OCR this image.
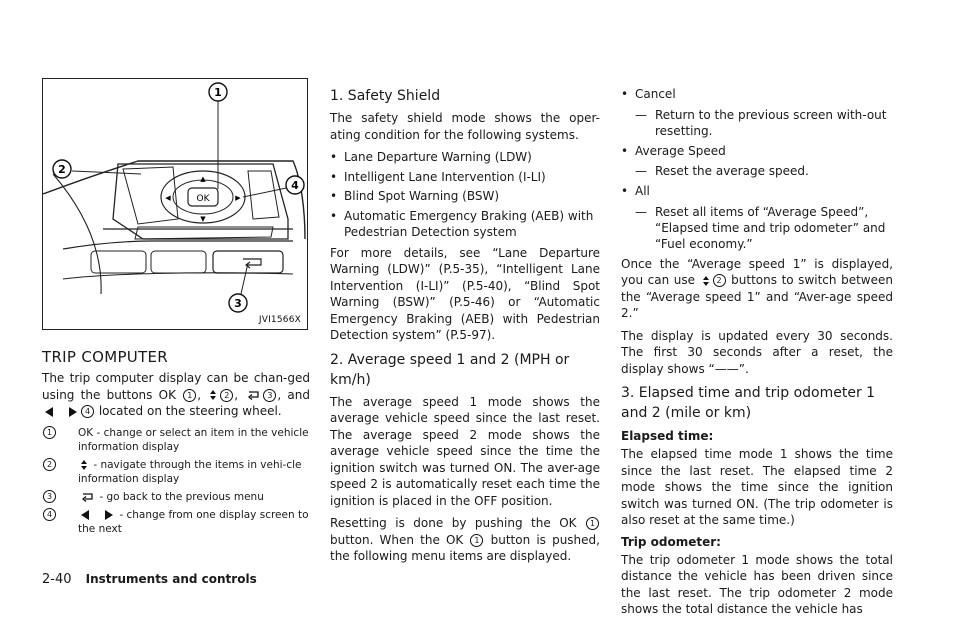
OK
▲
▼
◀	▶
1
2
4
3
JVI1566X
TRIP COMPUTER

The trip computer display can be chan-ged using the buttons OK 1 , 2 ,	3 , and 4 located on the steering wheel.

1	OK - change or select an item in the vehicle information display
2	- navigate through the items in vehi-cle information display
3	- go back to the previous menu
4	- change from one display screen to the next
1. Safety Shield

The safety shield mode shows the oper-ating condition for the following systems.

• Lane Departure Warning (LDW)
• Intelligent Lane Intervention (I-LI)
• Blind Spot Warning (BSW)
• Automatic Emergency Braking (AEB) with Pedestrian Detection system

For more details, see “Lane Departure Warning (LDW)” (P.5-35), “Intelligent Lane Intervention (I-LI)” (P.5-40), “Blind Spot Warning (BSW)” (P.5-46) or “Automatic Emergency Braking (AEB) with Pedestrian Detection system” (P.5-97).

2. Average speed 1 and 2 (MPH or km/h)

The average speed 1 mode shows the average vehicle speed since the last reset. The average speed 2 mode shows the average vehicle speed since the time the ignition switch was turned ON. The aver-age speed 2 is automatically reset each time the ignition is placed in the OFF position.

Resetting is done by pushing the OK 1 button. When the OK 1 button is pushed, the following menu items are displayed.

• Cancel
— Return to the previous screen with-out resetting.
• Average Speed
— Reset the average speed.
• All
— Reset all items of “Average Speed”, “Elapsed time and trip odometer” and “Fuel economy.”

Once the “Average speed 1” is displayed, you can use	2 buttons to switch between the “Average speed 1” and “Aver-age speed 2.”

The display is updated every 30 seconds. The first 30 seconds after a reset, the display shows “——”.

3. Elapsed time and trip odometer 1 and 2 (mile or km)
Elapsed time:

The elapsed time mode 1 shows the time since the last reset. The elapsed time 2 mode shows the time since the ignition switch was turned ON. (The trip odometer is also reset at the same time.)

Trip odometer:

The trip odometer 1 mode shows the total distance the vehicle has been driven since the last reset. The trip odometer 2 mode shows the total distance the vehicle has

2-40 Instruments and controls
